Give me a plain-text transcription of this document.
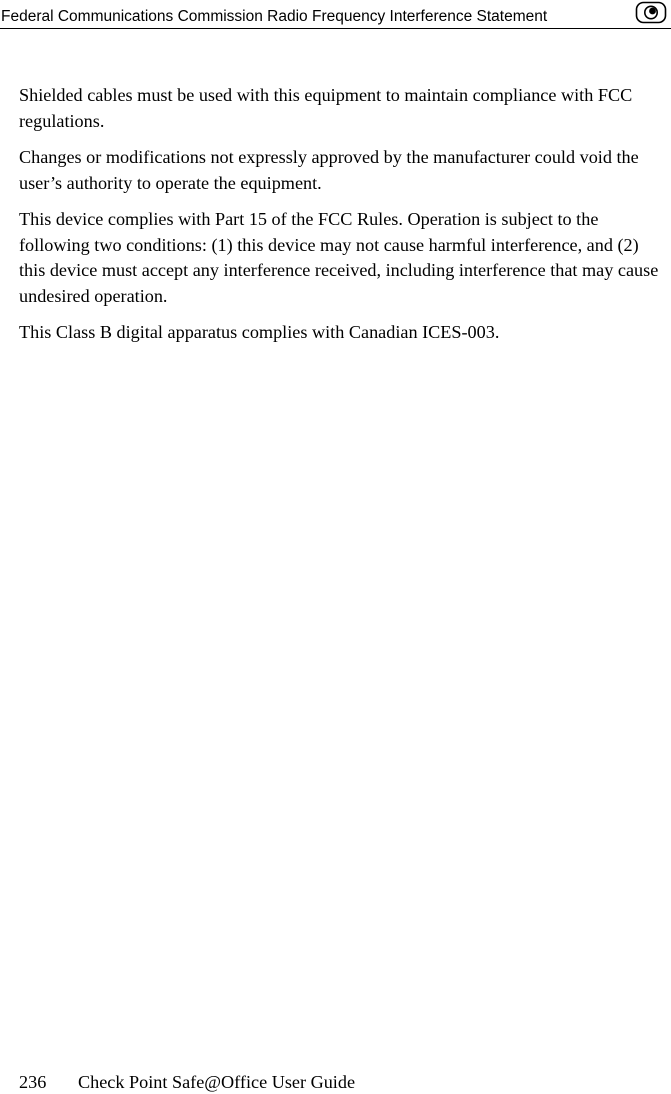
Federal Communications Commission Radio Frequency Interference Statement

Shielded cables must be used with this equipment to maintain compliance with FCC regulations.

Changes or modifications not expressly approved by the manufacturer could void the user’s authority to operate the equipment.

This device complies with Part 15 of the FCC Rules. Operation is subject to the following two conditions: (1) this device may not cause harmful interference, and (2) this device must accept any interference received, including interference that may cause undesired operation.

This Class B digital apparatus complies with Canadian ICES-003.

236 Check Point Safe@Office User Guide
